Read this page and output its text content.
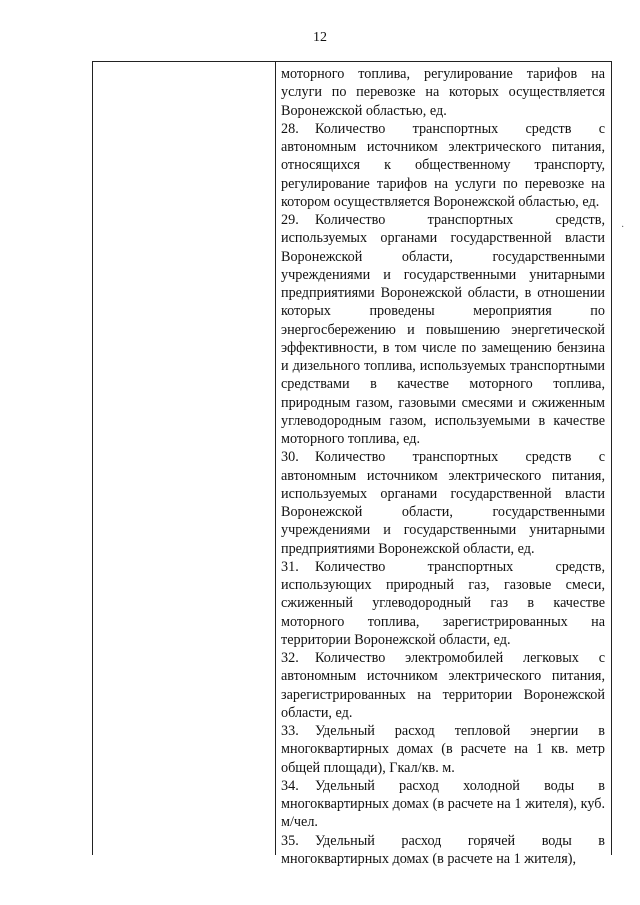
12

моторного топлива, регулирование тарифов на услуги по перевозке на которых осуществляется Воронежской областью, ед.

28. Количество транспортных средств с автономным источником электрического питания, относящихся к общественному транспорту, регулирование тарифов на услуги по перевозке на котором осуществляется Воронежской областью, ед.

29. Количество транспортных средств, используемых органами государственной власти Воронежской области, государственными учреждениями и государственными унитарными предприятиями Воронежской области, в отношении которых проведены мероприятия по энергосбережению и повышению энергетической эффективности, в том числе по замещению бензина и дизельного топлива, используемых транспортными средствами в качестве моторного топлива, природным газом, газовыми смесями и сжиженным углеводородным газом, используемыми в качестве моторного топлива, ед.

30. Количество транспортных средств с автономным источником электрического питания, используемых органами государственной власти Воронежской области, государственными учреждениями и государственными унитарными предприятиями Воронежской области, ед.

31. Количество транспортных средств, использующих природный газ, газовые смеси, сжиженный углеводородный газ в качестве моторного топлива, зарегистрированных на территории Воронежской области, ед.

32. Количество электромобилей легковых с автономным источником электрического питания, зарегистрированных на территории Воронежской области, ед.

33. Удельный расход тепловой энергии в многоквартирных домах (в расчете на 1 кв. метр общей площади), Гкал/кв. м.

34. Удельный расход холодной воды в многоквартирных домах (в расчете на 1 жителя), куб. м/чел.

35. Удельный расход горячей воды в многоквартирных домах (в расчете на 1 жителя),

·
